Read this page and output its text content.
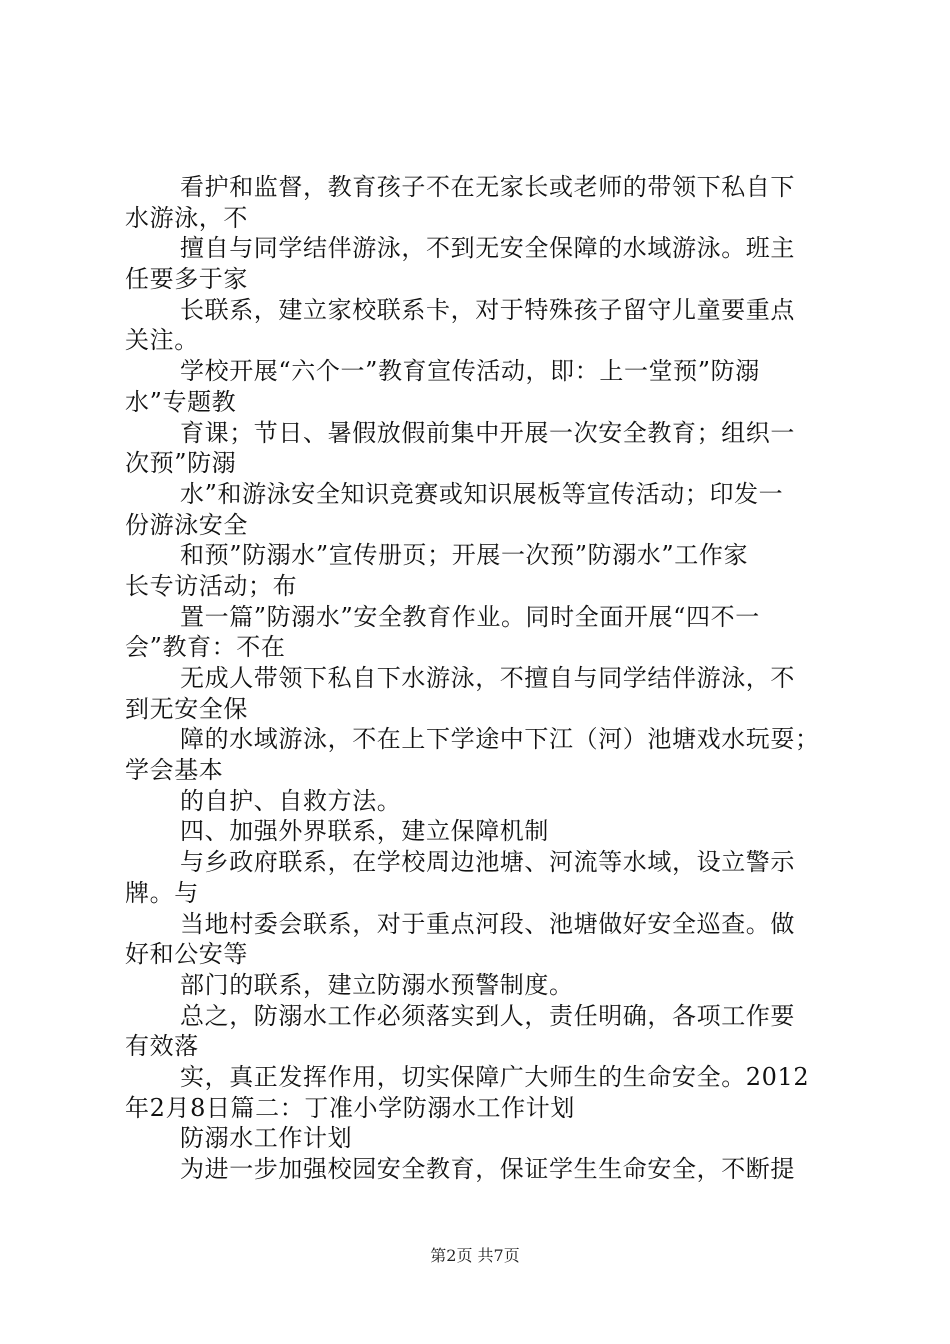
看护和监督，教育孩子不在无家长或老师的带领下私自下
水游泳，不
擅自与同学结伴游泳，不到无安全保障的水域游泳。班主
任要多于家
长联系，建立家校联系卡，对于特殊孩子留守儿童要重点
关注。
学校开展“六个一”教育宣传活动，即：上一堂预”防溺
水”专题教
育课；节日、暑假放假前集中开展一次安全教育；组织一
次预”防溺
水”和游泳安全知识竞赛或知识展板等宣传活动；印发一
份游泳安全
和预”防溺水”宣传册页；开展一次预”防溺水”工作家
长专访活动；布
置一篇”防溺水”安全教育作业。同时全面开展“四不一
会”教育：不在
无成人带领下私自下水游泳，不擅自与同学结伴游泳，不
到无安全保
障的水域游泳，不在上下学途中下江（河）池塘戏水玩耍；
学会基本
的自护、自救方法。
四、加强外界联系，建立保障机制
与乡政府联系，在学校周边池塘、河流等水域，设立警示
牌。与
当地村委会联系，对于重点河段、池塘做好安全巡查。做
好和公安等
部门的联系，建立防溺水预警制度。
总之，防溺水工作必须落实到人，责任明确，各项工作要
有效落
实，真正发挥作用，切实保障广大师生的生命安全。2012
年2月8日篇二：丁准小学防溺水工作计划
防溺水工作计划
为进一步加强校园安全教育，保证学生生命安全，不断提
第2页 共7页
